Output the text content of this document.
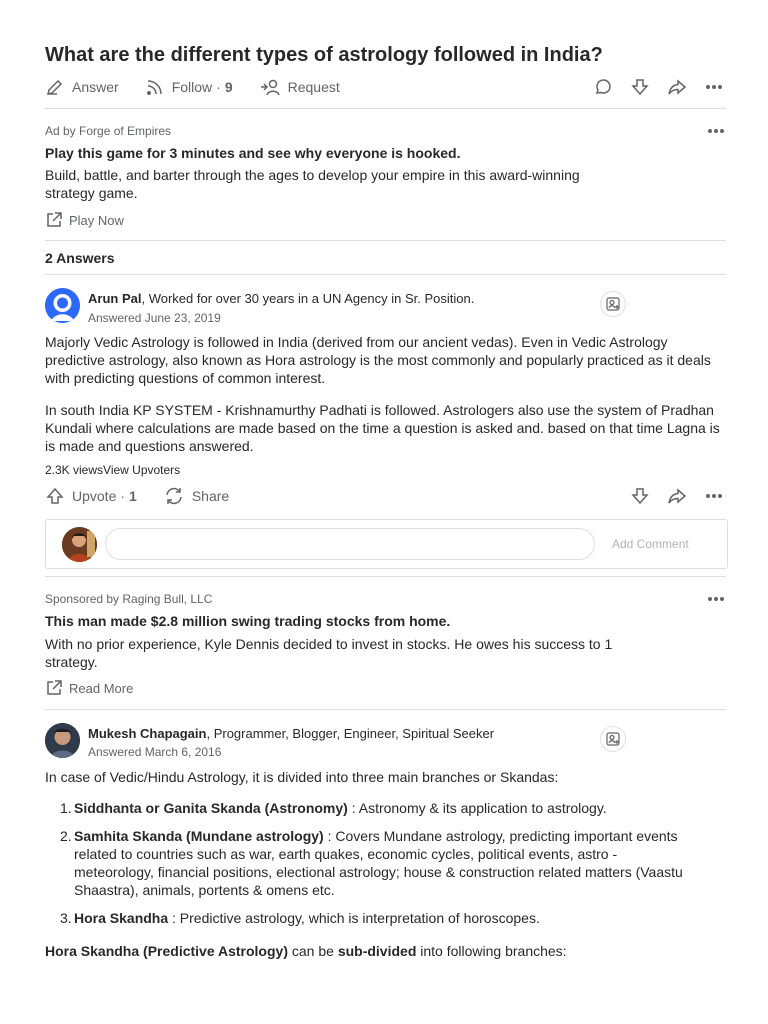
What are the different types of astrology followed in India?
Answer	Follow · 9	Request
Ad by Forge of Empires
Play this game for 3 minutes and see why everyone is hooked.
Build, battle, and barter through the ages to develop your empire in this award-winning strategy game.
Play Now
2 Answers
Arun Pal, Worked for over 30 years in a UN Agency in Sr. Position.
Answered June 23, 2019
Majorly Vedic Astrology is followed in India (derived from our ancient vedas). Even in Vedic Astrology predictive astrology, also known as Hora astrology is the most commonly and popularly practiced as it deals with predicting questions of common interest.
In south India KP SYSTEM - Krishnamurthy Padhati is followed. Astrologers also use the system of Pradhan Kundali where calculations are made based on the time a question is asked and. based on that time Lagna is is made and questions answered.
2.3K viewsView Upvoters
Upvote · 1	Share
Add Comment
Sponsored by Raging Bull, LLC
This man made $2.8 million swing trading stocks from home.
With no prior experience, Kyle Dennis decided to invest in stocks. He owes his success to 1 strategy.
Read More
Mukesh Chapagain, Programmer, Blogger, Engineer, Spiritual Seeker
Answered March 6, 2016
In case of Vedic/Hindu Astrology, it is divided into three main branches or Skandas:
1. Siddhanta or Ganita Skanda (Astronomy) : Astronomy & its application to astrology.
2. Samhita Skanda (Mundane astrology) : Covers Mundane astrology, predicting important events related to countries such as war, earth quakes, economic cycles, political events, astro - meteorology, financial positions, electional astrology; house & construction related matters (Vaastu Shaastra), animals, portents & omens etc.
3. Hora Skandha : Predictive astrology, which is interpretation of horoscopes.
Hora Skandha (Predictive Astrology) can be sub-divided into following branches:
